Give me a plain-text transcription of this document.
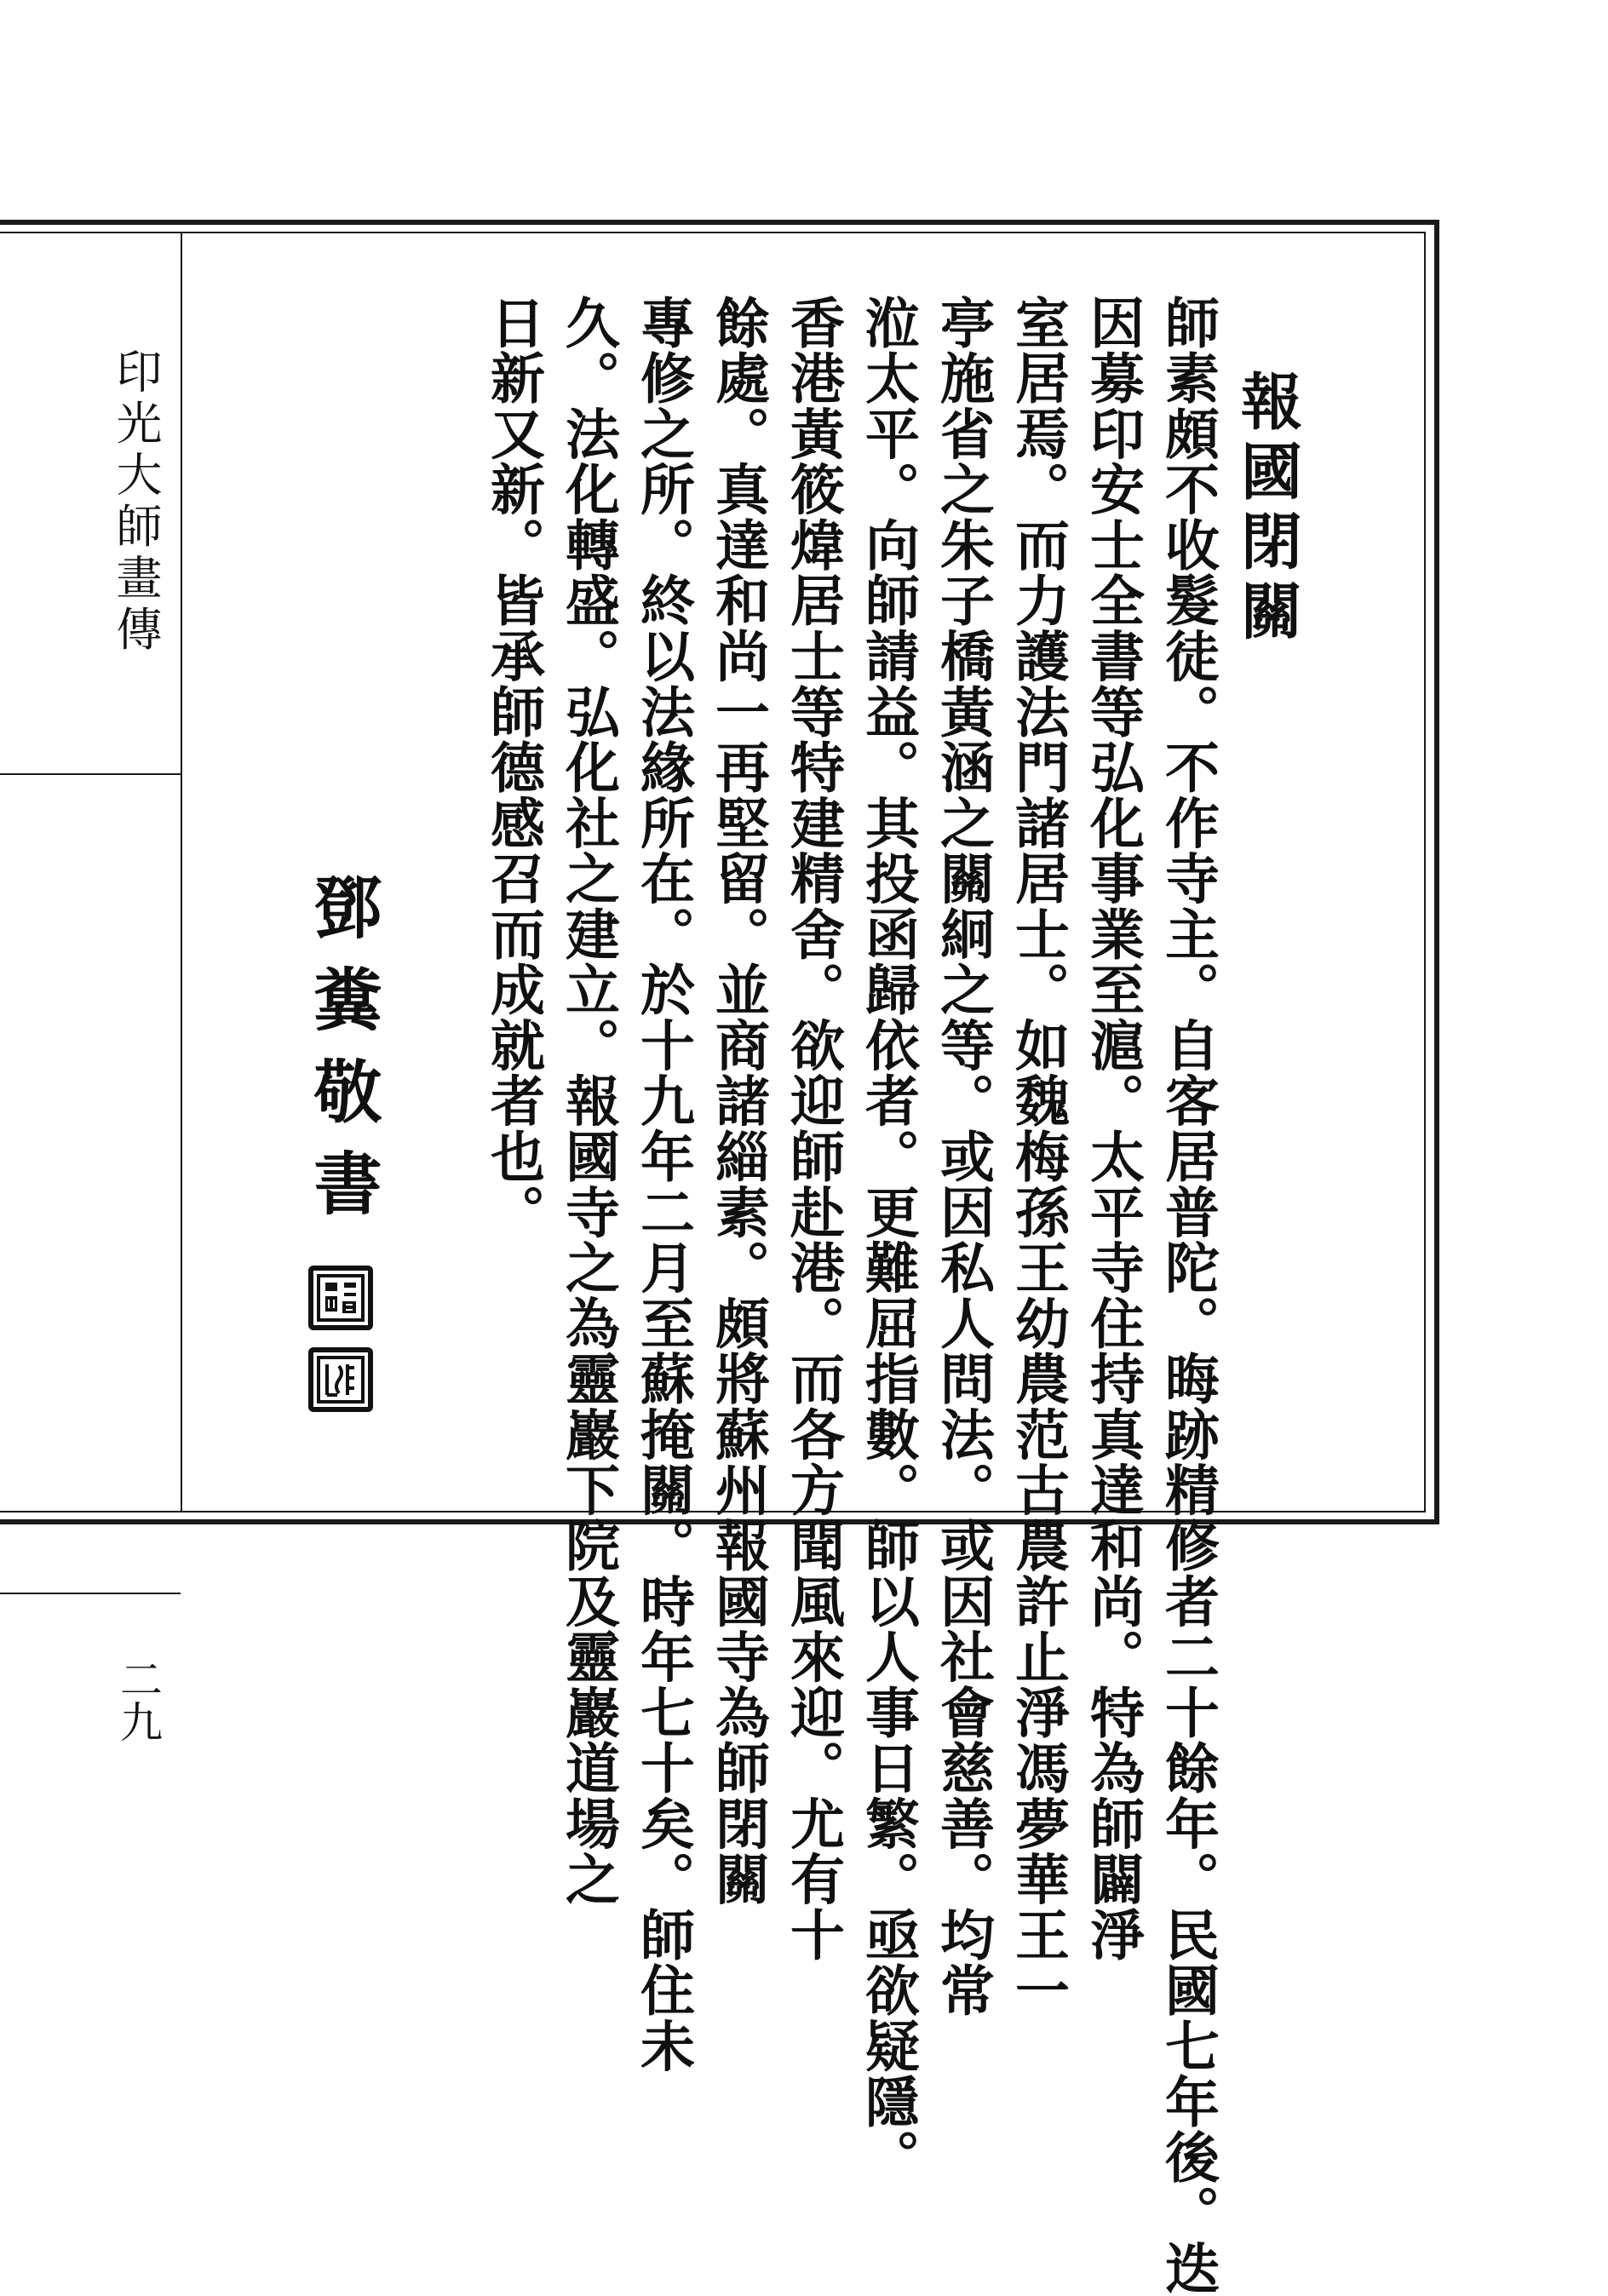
印光大師畫傳
二九
報國閉關
師素頗不收髮徒。不作寺主。自客居普陀。晦跡精修者二十餘年。民國七年後。迭
因募印安士全書等弘化事業至滬。太平寺住持真達和尚。特為師闢淨
室居焉。而力護法門諸居士。如魏梅孫王幼農范古農許止淨馮夢華王一
亭施省之朱子橋黃涵之關絅之等。或因私人問法。或因社會慈善。均常
涖太平。向師請益。其投函歸依者。更難屈指數。師以人事日繁。亟欲疑隱。
香港黃筱煒居士等特建精舍。欲迎師赴港。而各方聞風來迎。尤有十
餘處。真達和尚一再堅留。並商諸緇素。頗將蘇州報國寺為師閉關
專修之所。終以法緣所在。於十九年二月至蘇掩關。時年七十矣。師住未
久。法化轉盛。弘化社之建立。報國寺之為靈巖下院及靈巖道場之
日新又新。皆承師德感召而成就者也。
鄧糞敬書
